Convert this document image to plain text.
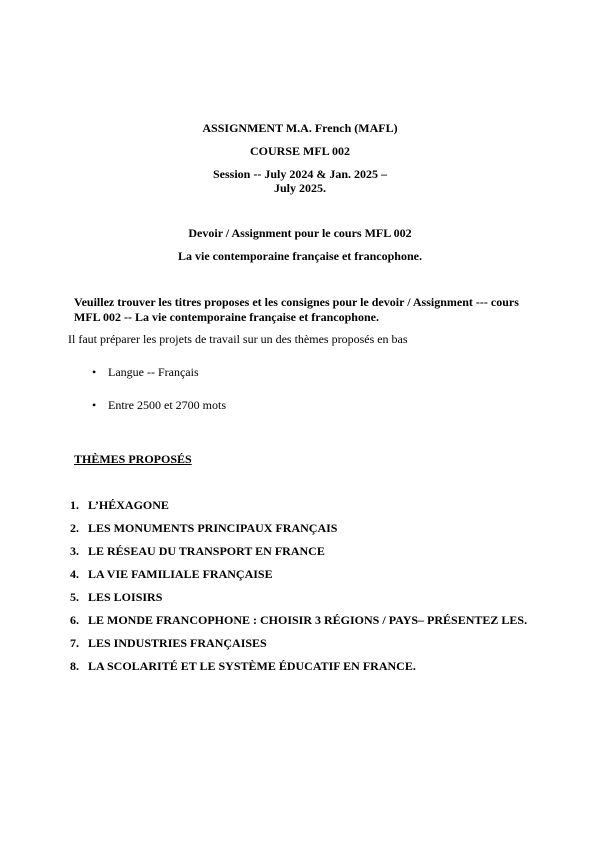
ASSIGNMENT M.A. French (MAFL)
COURSE MFL 002
Session -- July 2024 & Jan. 2025 –
July 2025.
Devoir / Assignment pour le cours MFL 002
La vie contemporaine française et francophone.
Veuillez trouver les titres proposes et les consignes pour le devoir / Assignment --- cours
MFL 002 -- La vie contemporaine française et francophone.
Il faut préparer les projets de travail sur un des thèmes proposés en bas
• Langue -- Français
• Entre 2500 et 2700 mots
THÈMES PROPOSÉS
1. L’HÉXAGONE
2. LES MONUMENTS PRINCIPAUX FRANÇAIS
3. LE RÉSEAU DU TRANSPORT EN FRANCE
4. LA VIE FAMILIALE FRANÇAISE
5. LES LOISIRS
6. LE MONDE FRANCOPHONE : CHOISIR 3 RÉGIONS / PAYS– PRÉSENTEZ LES.
7. LES INDUSTRIES FRANÇAISES
8. LA SCOLARITÉ ET LE SYSTÈME ÉDUCATIF EN FRANCE.
